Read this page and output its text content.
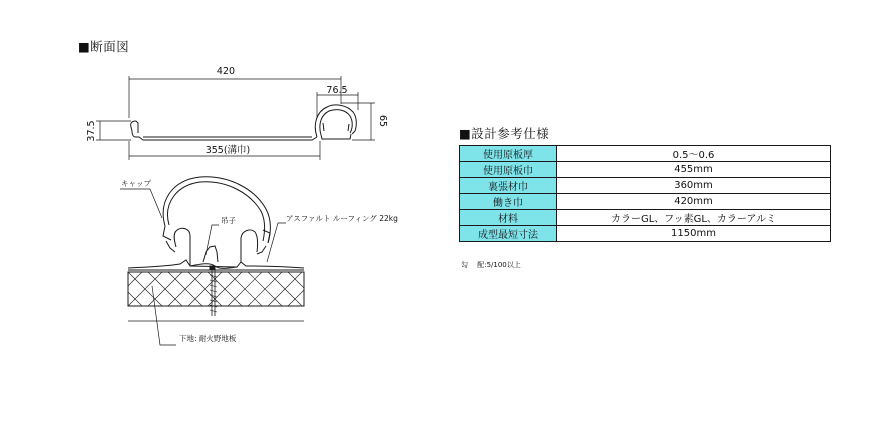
■断面図
■設計参考仕様
420
76.5
65
37.5
355(溝巾)
キャップ
吊子	アスファルト ルーフィング 22kg
下地: 耐火野地板
使用原板厚	0.5～0.6
使用原板巾	455mm
裏張材巾	360mm
働き巾	420mm
材料	カラーGL、フッ素GL、カラーアルミ
成型最短寸法	1150mm
勾　 配:5/100以上
